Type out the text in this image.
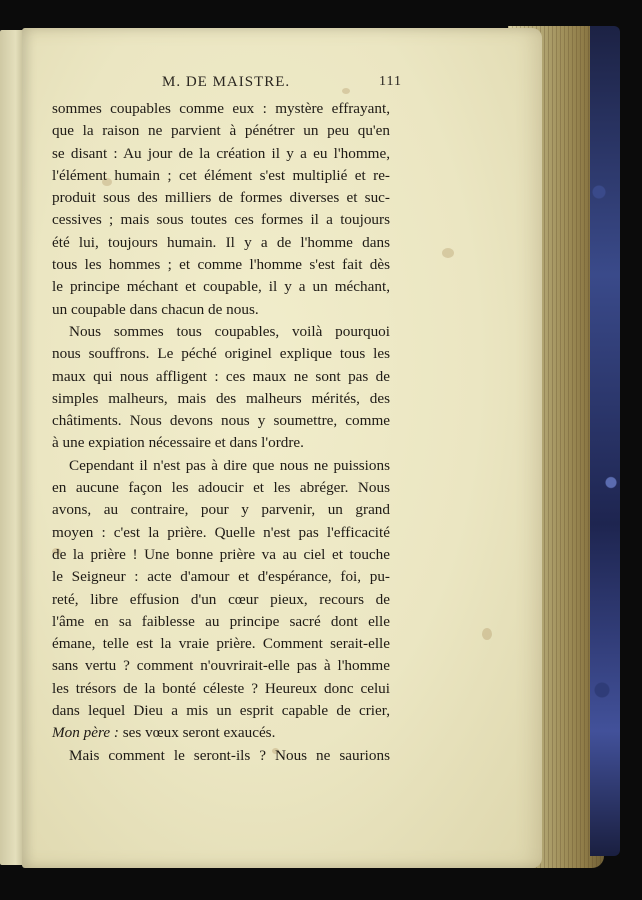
M. DE MAISTRE.	111
sommes coupables comme eux : mystère effrayant,
que la raison ne parvient à pénétrer un peu qu'en
se disant : Au jour de la création il y a eu l'homme,
l'élément humain ; cet élément s'est multiplié et re-
produit sous des milliers de formes diverses et suc-
cessives ; mais sous toutes ces formes il a toujours
été lui, toujours humain. Il y a de l'homme dans
tous les hommes ; et comme l'homme s'est fait dès
le principe méchant et coupable, il y a un méchant,
un coupable dans chacun de nous.
Nous sommes tous coupables, voilà pourquoi
nous souffrons. Le péché originel explique tous les
maux qui nous affligent : ces maux ne sont pas de
simples malheurs, mais des malheurs mérités, des
châtiments. Nous devons nous y soumettre, comme
à une expiation nécessaire et dans l'ordre.
Cependant il n'est pas à dire que nous ne puissions
en aucune façon les adoucir et les abréger. Nous
avons, au contraire, pour y parvenir, un grand
moyen : c'est la prière. Quelle n'est pas l'efficacité
de la prière ! Une bonne prière va au ciel et touche
le Seigneur : acte d'amour et d'espérance, foi, pu-
reté, libre effusion d'un cœur pieux, recours de
l'âme en sa faiblesse au principe sacré dont elle
émane, telle est la vraie prière. Comment serait-elle
sans vertu ? comment n'ouvrirait-elle pas à l'homme
les trésors de la bonté céleste ? Heureux donc celui
dans lequel Dieu a mis un esprit capable de crier,
Mon père : ses vœux seront exaucés.
Mais comment le seront-ils ? Nous ne saurions
